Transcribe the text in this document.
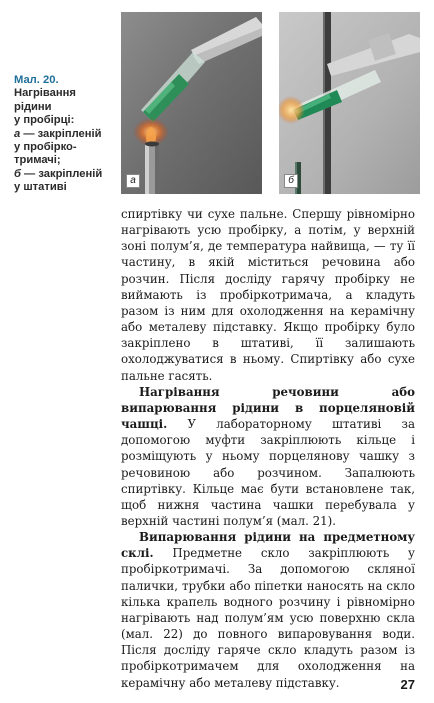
Мал. 20.
Нагрівання
рідини
у пробірці:
а — закріпленій
у пробірко-
тримачі;
б — закріпленій
у штативі
а	б

спиртівку чи сухе пальне. Спершу рівномірно нагрівають усю пробірку, а потім, у верхній зоні полум’я, де температура найвища, — ту її частину, в якій міститься речовина або розчин. Після досліду гарячу пробірку не виймають із пробіркотримача, а кладуть разом із ним для охолодження на керамічну або металеву підставку. Якщо пробірку було закріплено в штативі, її залишають охолоджуватися в ньому. Спиртівку або сухе пальне гасять.

Нагрівання речовини або випарювання рідини в порцеляновій чашці. У лабораторному штативі за допомогою муфти закріплюють кільце і розміщують у ньому порцелянову чашку з речовиною або розчином. Запалюють спиртівку. Кільце має бути встановлене так, щоб нижня частина чашки перебувала у верхній частині полум’я (мал. 21).

Випарювання рідини на предметному склі. Предметне скло закріплюють у пробіркотримачі. За допомогою скляної палички, трубки або піпетки наносять на скло кілька крапель водного розчину і рівномірно нагрівають над полум’ям усю поверхню скла (мал. 22) до повного випаровування води. Після досліду гаряче скло кладуть разом із пробіркотримачем для охолодження на керамічну або металеву підставку.	27
